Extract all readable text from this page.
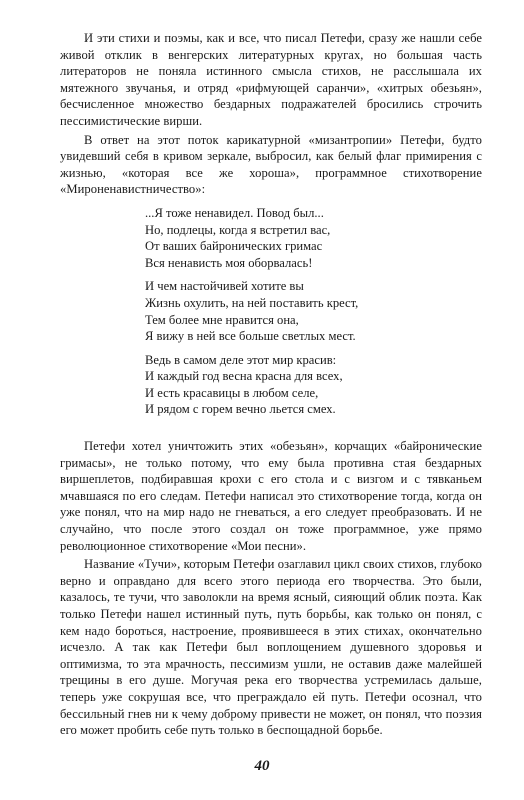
И эти стихи и поэмы, как и все, что писал Петефи, сразу же нашли себе живой отклик в венгерских литературных кругах, но большая часть литераторов не поняла истинного смысла стихов, не расслышала их мятежного звучанья, и отряд «рифмующей саранчи», «хитрых обезьян», бесчисленное множество бездарных подражателей бросились строчить пессимистические вирши.

В ответ на этот поток карикатурной «мизантропии» Петефи, будто увидевший себя в кривом зеркале, выбросил, как белый флаг примирения с жизнью, «которая все же хороша», программное стихотворение «Мироненавистничество»:

...Я тоже ненавидел. Повод был...
Но, подлецы, когда я встретил вас,
От ваших байронических гримас
Вся ненависть моя оборвалась!
И чем настойчивей хотите вы
Жизнь охулить, на ней поставить крест,
Тем более мне нравится она,
Я вижу в ней все больше светлых мест.
Ведь в самом деле этот мир красив:
И каждый год весна красна для всех,
И есть красавицы в любом селе,
И рядом с горем вечно льется смех.

Петефи хотел уничтожить этих «обезьян», корчащих «байронические гримасы», не только потому, что ему была противна стая бездарных виршеплетов, подбиравшая крохи с его стола и с визгом и с тявканьем мчавшаяся по его следам. Петефи написал это стихотворение тогда, когда он уже понял, что на мир надо не гневаться, а его следует преобразовать. И не случайно, что после этого создал он тоже программное, уже прямо революционное стихотворение «Мои песни».

Название «Тучи», которым Петефи озаглавил цикл своих стихов, глубоко верно и оправдано для всего этого периода его творчества. Это были, казалось, те тучи, что заволокли на время ясный, сияющий облик поэта. Как только Петефи нашел истинный путь, путь борьбы, как только он понял, с кем надо бороться, настроение, проявившееся в этих стихах, окончательно исчезло. А так как Петефи был воплощением душевного здоровья и оптимизма, то эта мрачность, пессимизм ушли, не оставив даже малейшей трещины в его душе. Могучая река его творчества устремилась дальше, теперь уже сокрушая все, что преграждало ей путь. Петефи осознал, что бессильный гнев ни к чему доброму привести не может, он понял, что поэзия его может пробить себе путь только в беспощадной борьбе.

40
